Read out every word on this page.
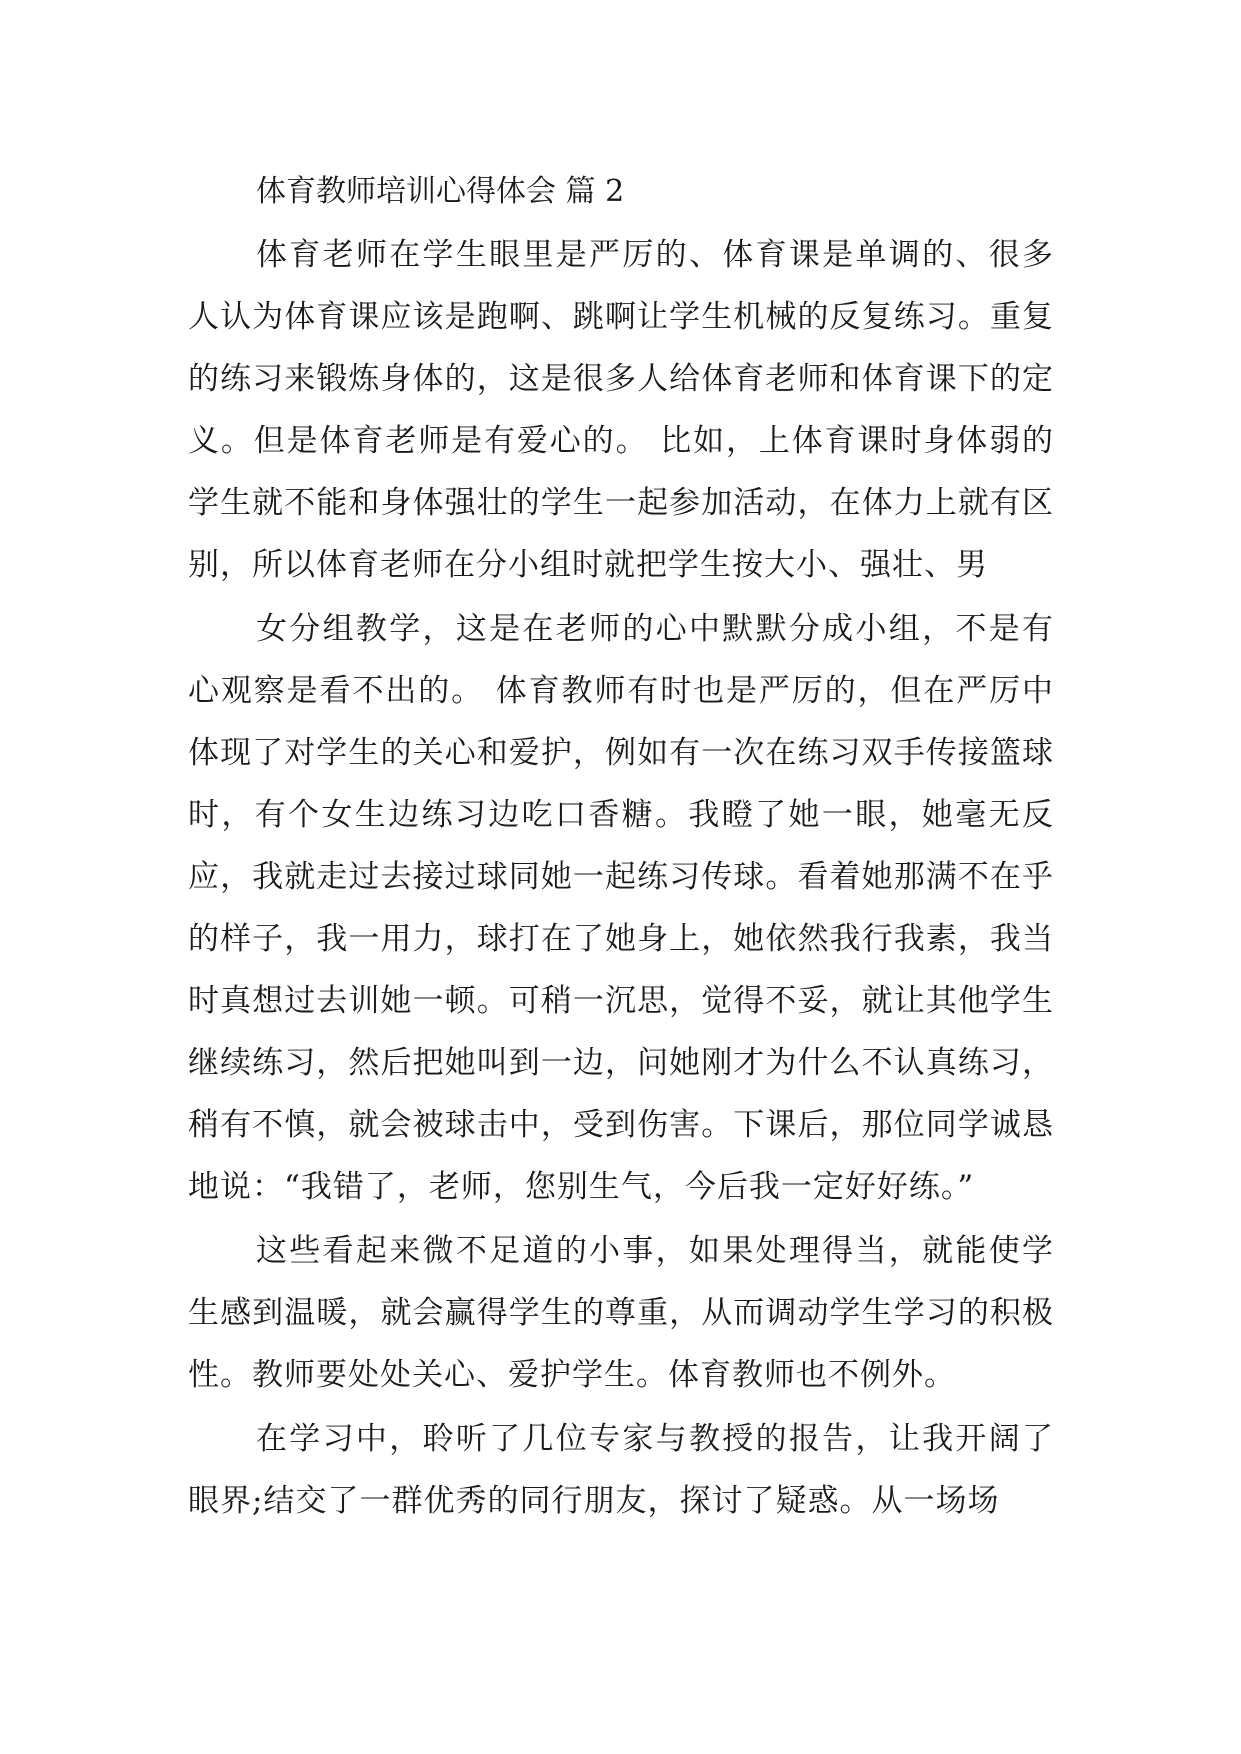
体育教师培训心得体会 篇 2

体育老师在学生眼里是严厉的、体育课是单调的、很多人认为体育课应该是跑啊、跳啊让学生机械的反复练习。重复的练习来锻炼身体的，这是很多人给体育老师和体育课下的定义。但是体育老师是有爱心的。 比如，上体育课时身体弱的学生就不能和身体强壮的学生一起参加活动，在体力上就有区别，所以体育老师在分小组时就把学生按大小、强壮、男

女分组教学，这是在老师的心中默默分成小组，不是有心观察是看不出的。 体育教师有时也是严厉的，但在严厉中体现了对学生的关心和爱护，例如有一次在练习双手传接篮球时，有个女生边练习边吃口香糖。我瞪了她一眼，她毫无反应，我就走过去接过球同她一起练习传球。看着她那满不在乎的样子，我一用力，球打在了她身上，她依然我行我素，我当时真想过去训她一顿。可稍一沉思，觉得不妥，就让其他学生继续练习，然后把她叫到一边，问她刚才为什么不认真练习，稍有不慎，就会被球击中，受到伤害。下课后，那位同学诚恳地说：“我错了，老师，您别生气，今后我一定好好练。”

这些看起来微不足道的小事，如果处理得当，就能使学生感到温暖，就会赢得学生的尊重，从而调动学生学习的积极性。教师要处处关心、爱护学生。体育教师也不例外。

在学习中，聆听了几位专家与教授的报告，让我开阔了眼界;结交了一群优秀的同行朋友，探讨了疑惑。从一场场
